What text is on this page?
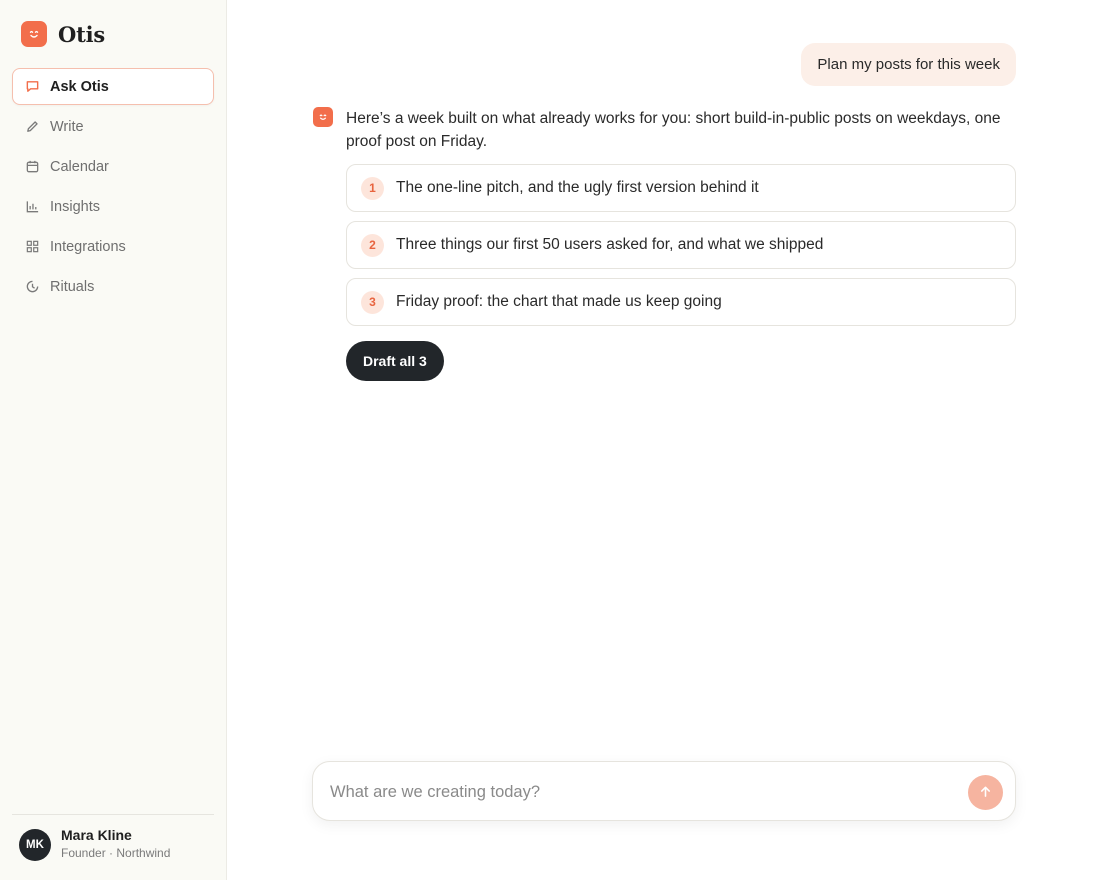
Otis
Ask Otis
Write
Calendar
Insights
Integrations
Rituals
MK
Mara Kline
Founder · Northwind
Plan my posts for this week
Here’s a week built on what already works for you: short build-in-public posts on weekdays, one proof post on Friday.
1	The one-line pitch, and the ugly first version behind it
2	Three things our first 50 users asked for, and what we shipped
3	Friday proof: the chart that made us keep going
Draft all 3
What are we creating today?
